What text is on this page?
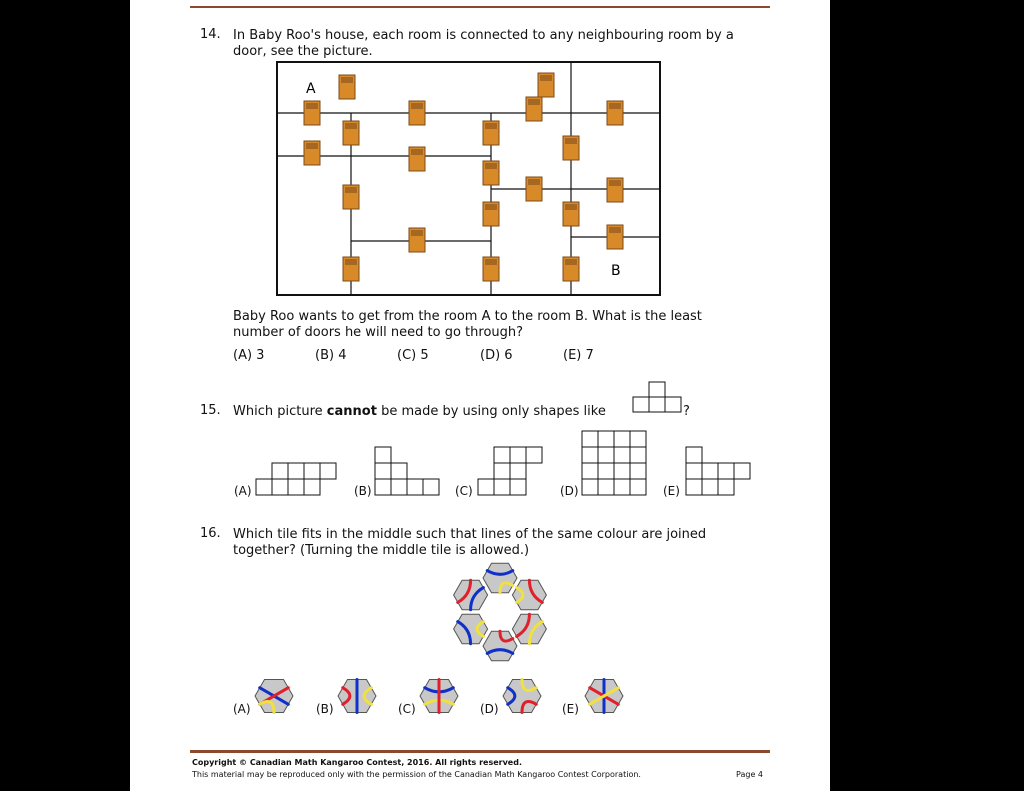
14. In Baby Roo's house, each room is connected to any neighbouring room by a
door, see the picture.
A
B
Baby Roo wants to get from the room A to the room B. What is the least
number of doors he will need to go through?
(A) 3	(B) 4	(C) 5	(D) 6	(E) 7
15. Which picture cannot be made by using only shapes like	?
(A)	(B)	(C)	(D)	(E)
16. Which tile fits in the middle such that lines of the same colour are joined
together? (Turning the middle tile is allowed.)
(A)	(B)	(C)	(D)	(E)
Copyright © Canadian Math Kangaroo Contest, 2016. All rights reserved.
This material may be reproduced only with the permission of the Canadian Math Kangaroo Contest Corporation.	Page 4
